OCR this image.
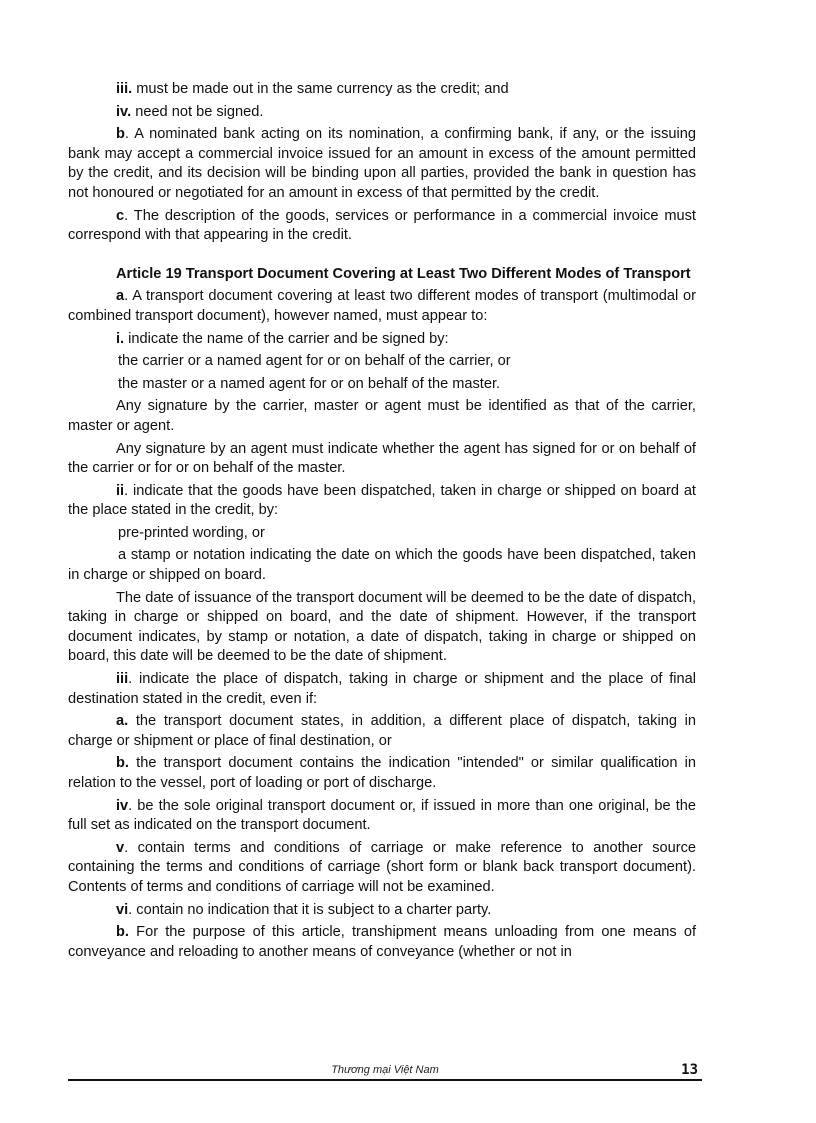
iii. must be made out in the same currency as the credit; and

iv. need not be signed.

b. A nominated bank acting on its nomination, a confirming bank, if any, or the issuing bank may accept a commercial invoice issued for an amount in excess of the amount permitted by the credit, and its decision will be binding upon all parties, provided the bank in question has not honoured or negotiated for an amount in excess of that permitted by the credit.

c. The description of the goods, services or performance in a commercial invoice must correspond with that appearing in the credit.

Article 19 Transport Document Covering at Least Two Different Modes of Transport

a. A transport document covering at least two different modes of transport (multimodal or combined transport document), however named, must appear to:

i. indicate the name of the carrier and be signed by:

the carrier or a named agent for or on behalf of the carrier, or

the master or a named agent for or on behalf of the master.

Any signature by the carrier, master or agent must be identified as that of the carrier, master or agent.

Any signature by an agent must indicate whether the agent has signed for or on behalf of the carrier or for or on behalf of the master.

ii. indicate that the goods have been dispatched, taken in charge or shipped on board at the place stated in the credit, by:

pre-printed wording, or

a stamp or notation indicating the date on which the goods have been dispatched, taken in charge or shipped on board.

The date of issuance of the transport document will be deemed to be the date of dispatch, taking in charge or shipped on board, and the date of shipment. However, if the transport document indicates, by stamp or notation, a date of dispatch, taking in charge or shipped on board, this date will be deemed to be the date of shipment.

iii. indicate the place of dispatch, taking in charge or shipment and the place of final destination stated in the credit, even if:

a. the transport document states, in addition, a different place of dispatch, taking in charge or shipment or place of final destination, or

b. the transport document contains the indication "intended" or similar qualification in relation to the vessel, port of loading or port of discharge.

iv. be the sole original transport document or, if issued in more than one original, be the full set as indicated on the transport document.

v. contain terms and conditions of carriage or make reference to another source containing the terms and conditions of carriage (short form or blank back transport document). Contents of terms and conditions of carriage will not be examined.

vi. contain no indication that it is subject to a charter party.

b. For the purpose of this article, transhipment means unloading from one means of conveyance and reloading to another means of conveyance (whether or not in

Thương mại Việt Nam	13
